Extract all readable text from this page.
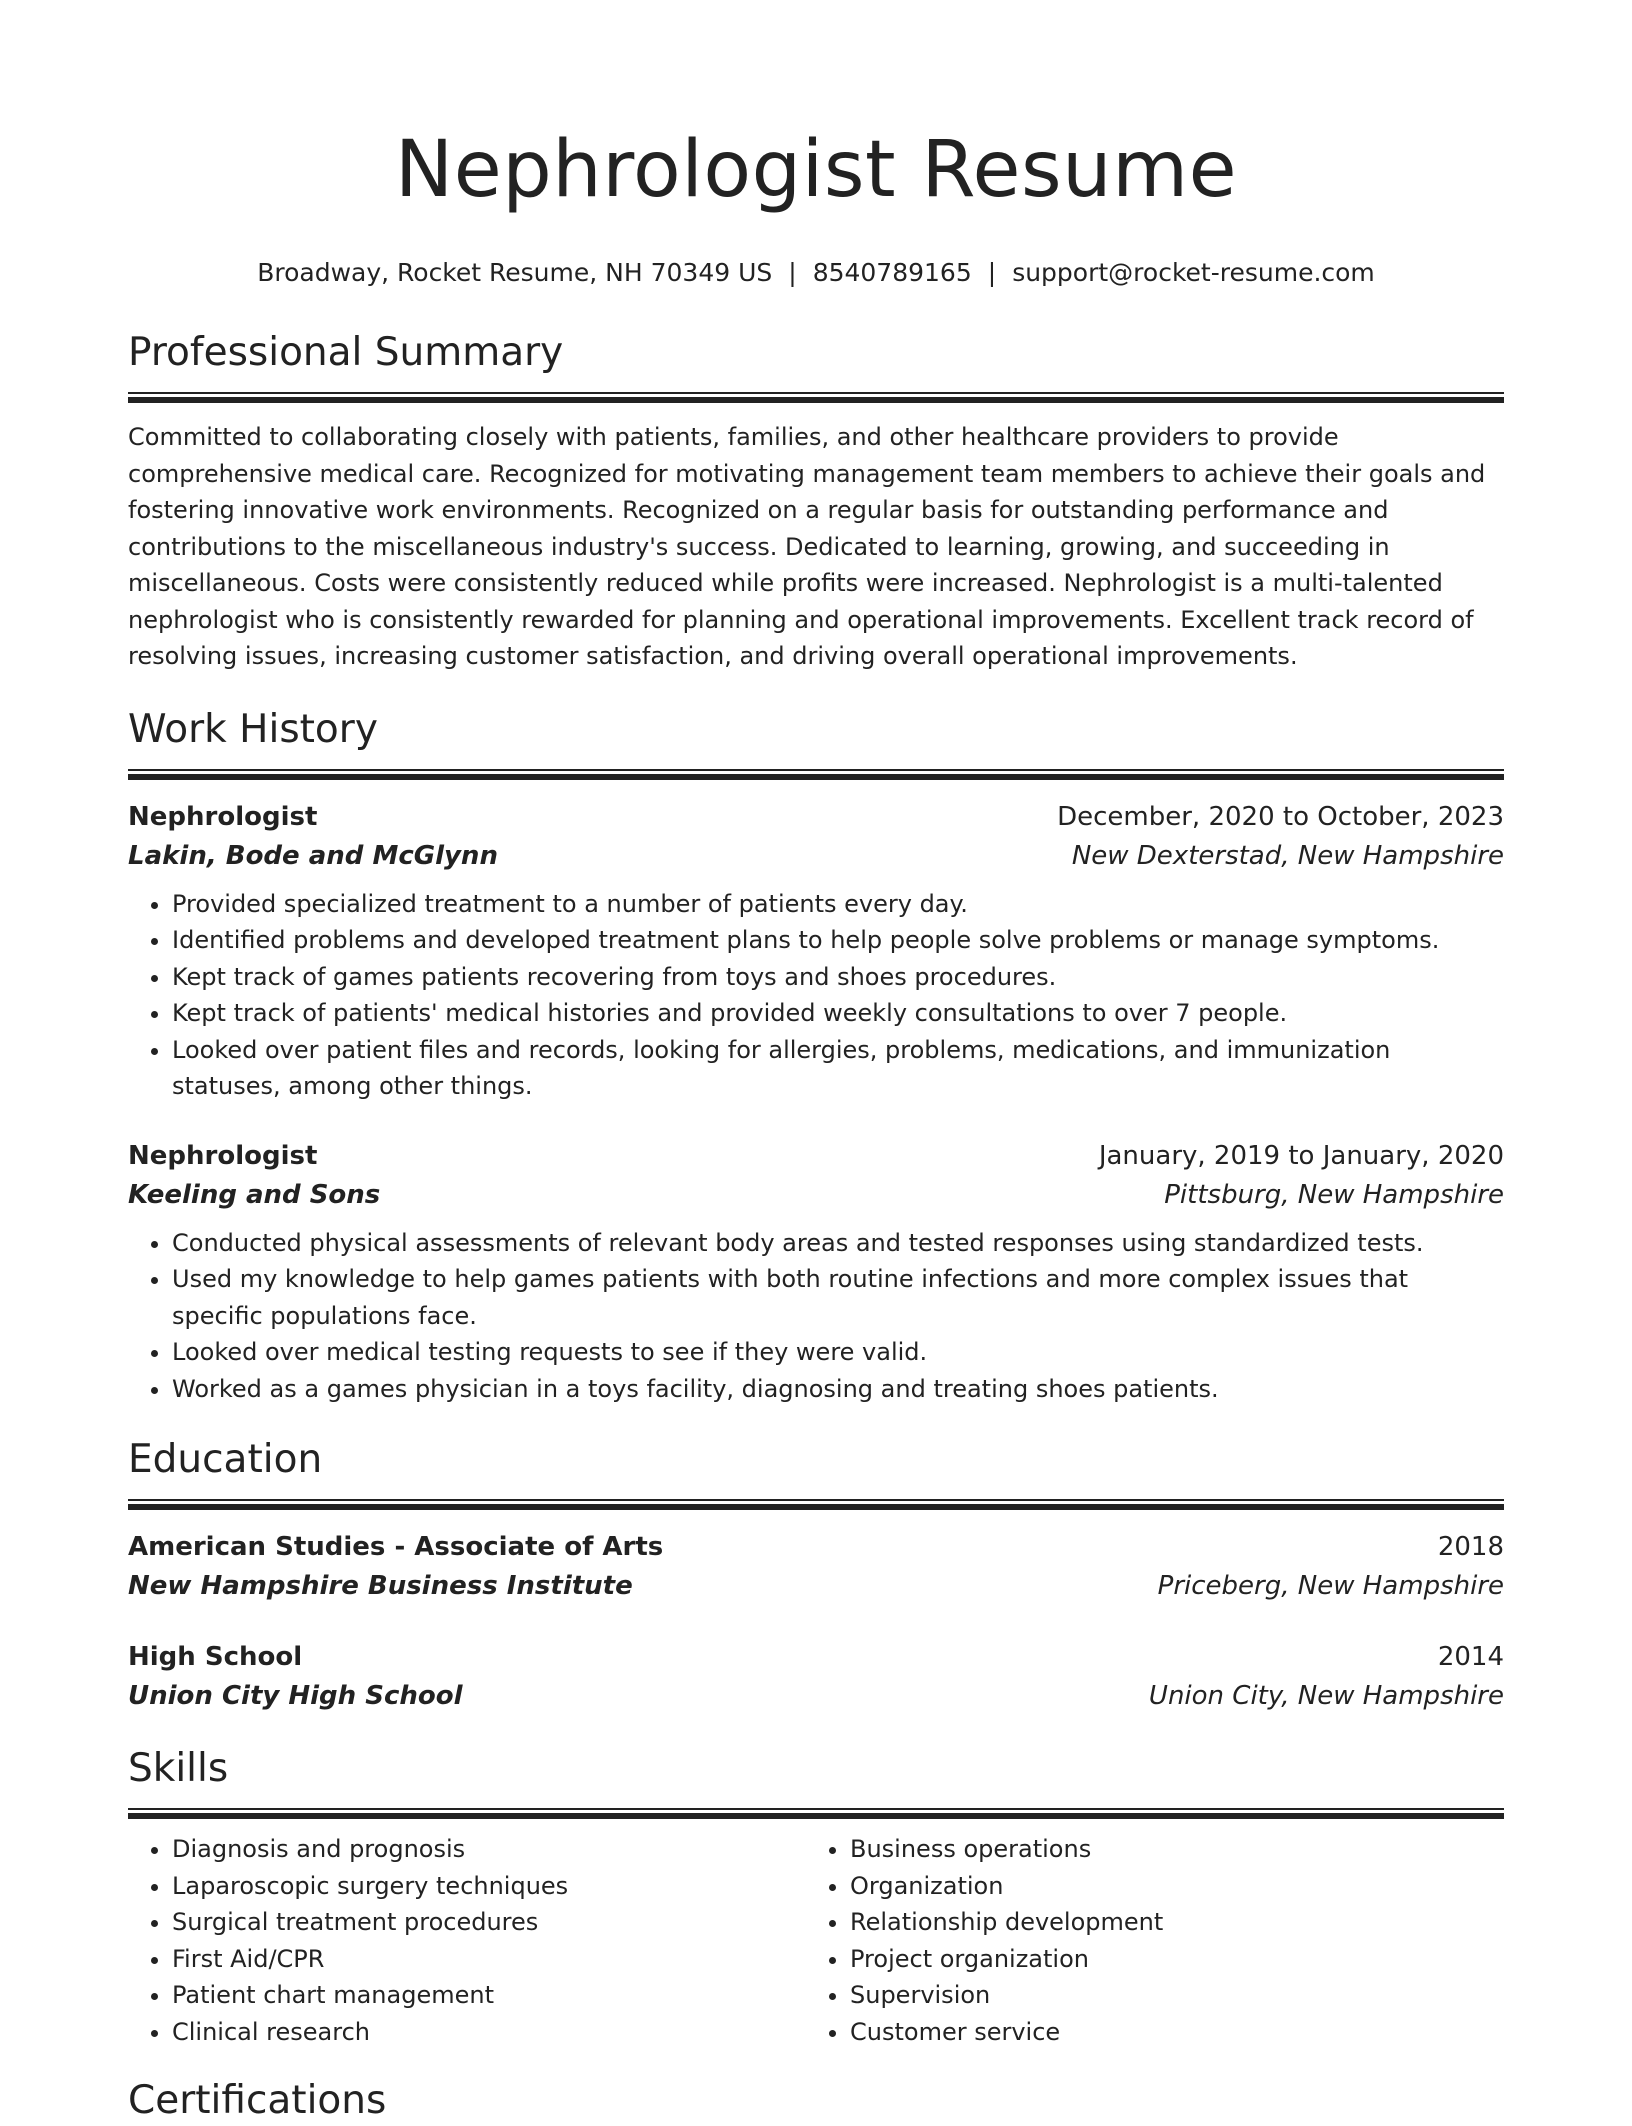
Nephrologist Resume
Broadway, Rocket Resume, NH 70349 US | 8540789165 | support@rocket-resume.com
Professional Summary
Committed to collaborating closely with patients, families, and other healthcare providers to provide comprehensive medical care. Recognized for motivating management team members to achieve their goals and fostering innovative work environments. Recognized on a regular basis for outstanding performance and contributions to the miscellaneous industry's success. Dedicated to learning, growing, and succeeding in miscellaneous. Costs were consistently reduced while profits were increased. Nephrologist is a multi-talented nephrologist who is consistently rewarded for planning and operational improvements. Excellent track record of resolving issues, increasing customer satisfaction, and driving overall operational improvements.
Work History
Nephrologist	December, 2020 to October, 2023
Lakin, Bode and McGlynn	New Dexterstad, New Hampshire
• Provided specialized treatment to a number of patients every day.
• Identified problems and developed treatment plans to help people solve problems or manage symptoms.
• Kept track of games patients recovering from toys and shoes procedures.
• Kept track of patients' medical histories and provided weekly consultations to over 7 people.
• Looked over patient files and records, looking for allergies, problems, medications, and immunization statuses, among other things.
Nephrologist	January, 2019 to January, 2020
Keeling and Sons	Pittsburg, New Hampshire
• Conducted physical assessments of relevant body areas and tested responses using standardized tests.
• Used my knowledge to help games patients with both routine infections and more complex issues that specific populations face.
• Looked over medical testing requests to see if they were valid.
• Worked as a games physician in a toys facility, diagnosing and treating shoes patients.
Education
American Studies - Associate of Arts	2018
New Hampshire Business Institute	Priceberg, New Hampshire
High School	2014
Union City High School	Union City, New Hampshire
Skills
• Diagnosis and prognosis
• Laparoscopic surgery techniques
• Surgical treatment procedures
• First Aid/CPR
• Patient chart management
• Clinical research
• Business operations
• Organization
• Relationship development
• Project organization
• Supervision
• Customer service
Certifications
